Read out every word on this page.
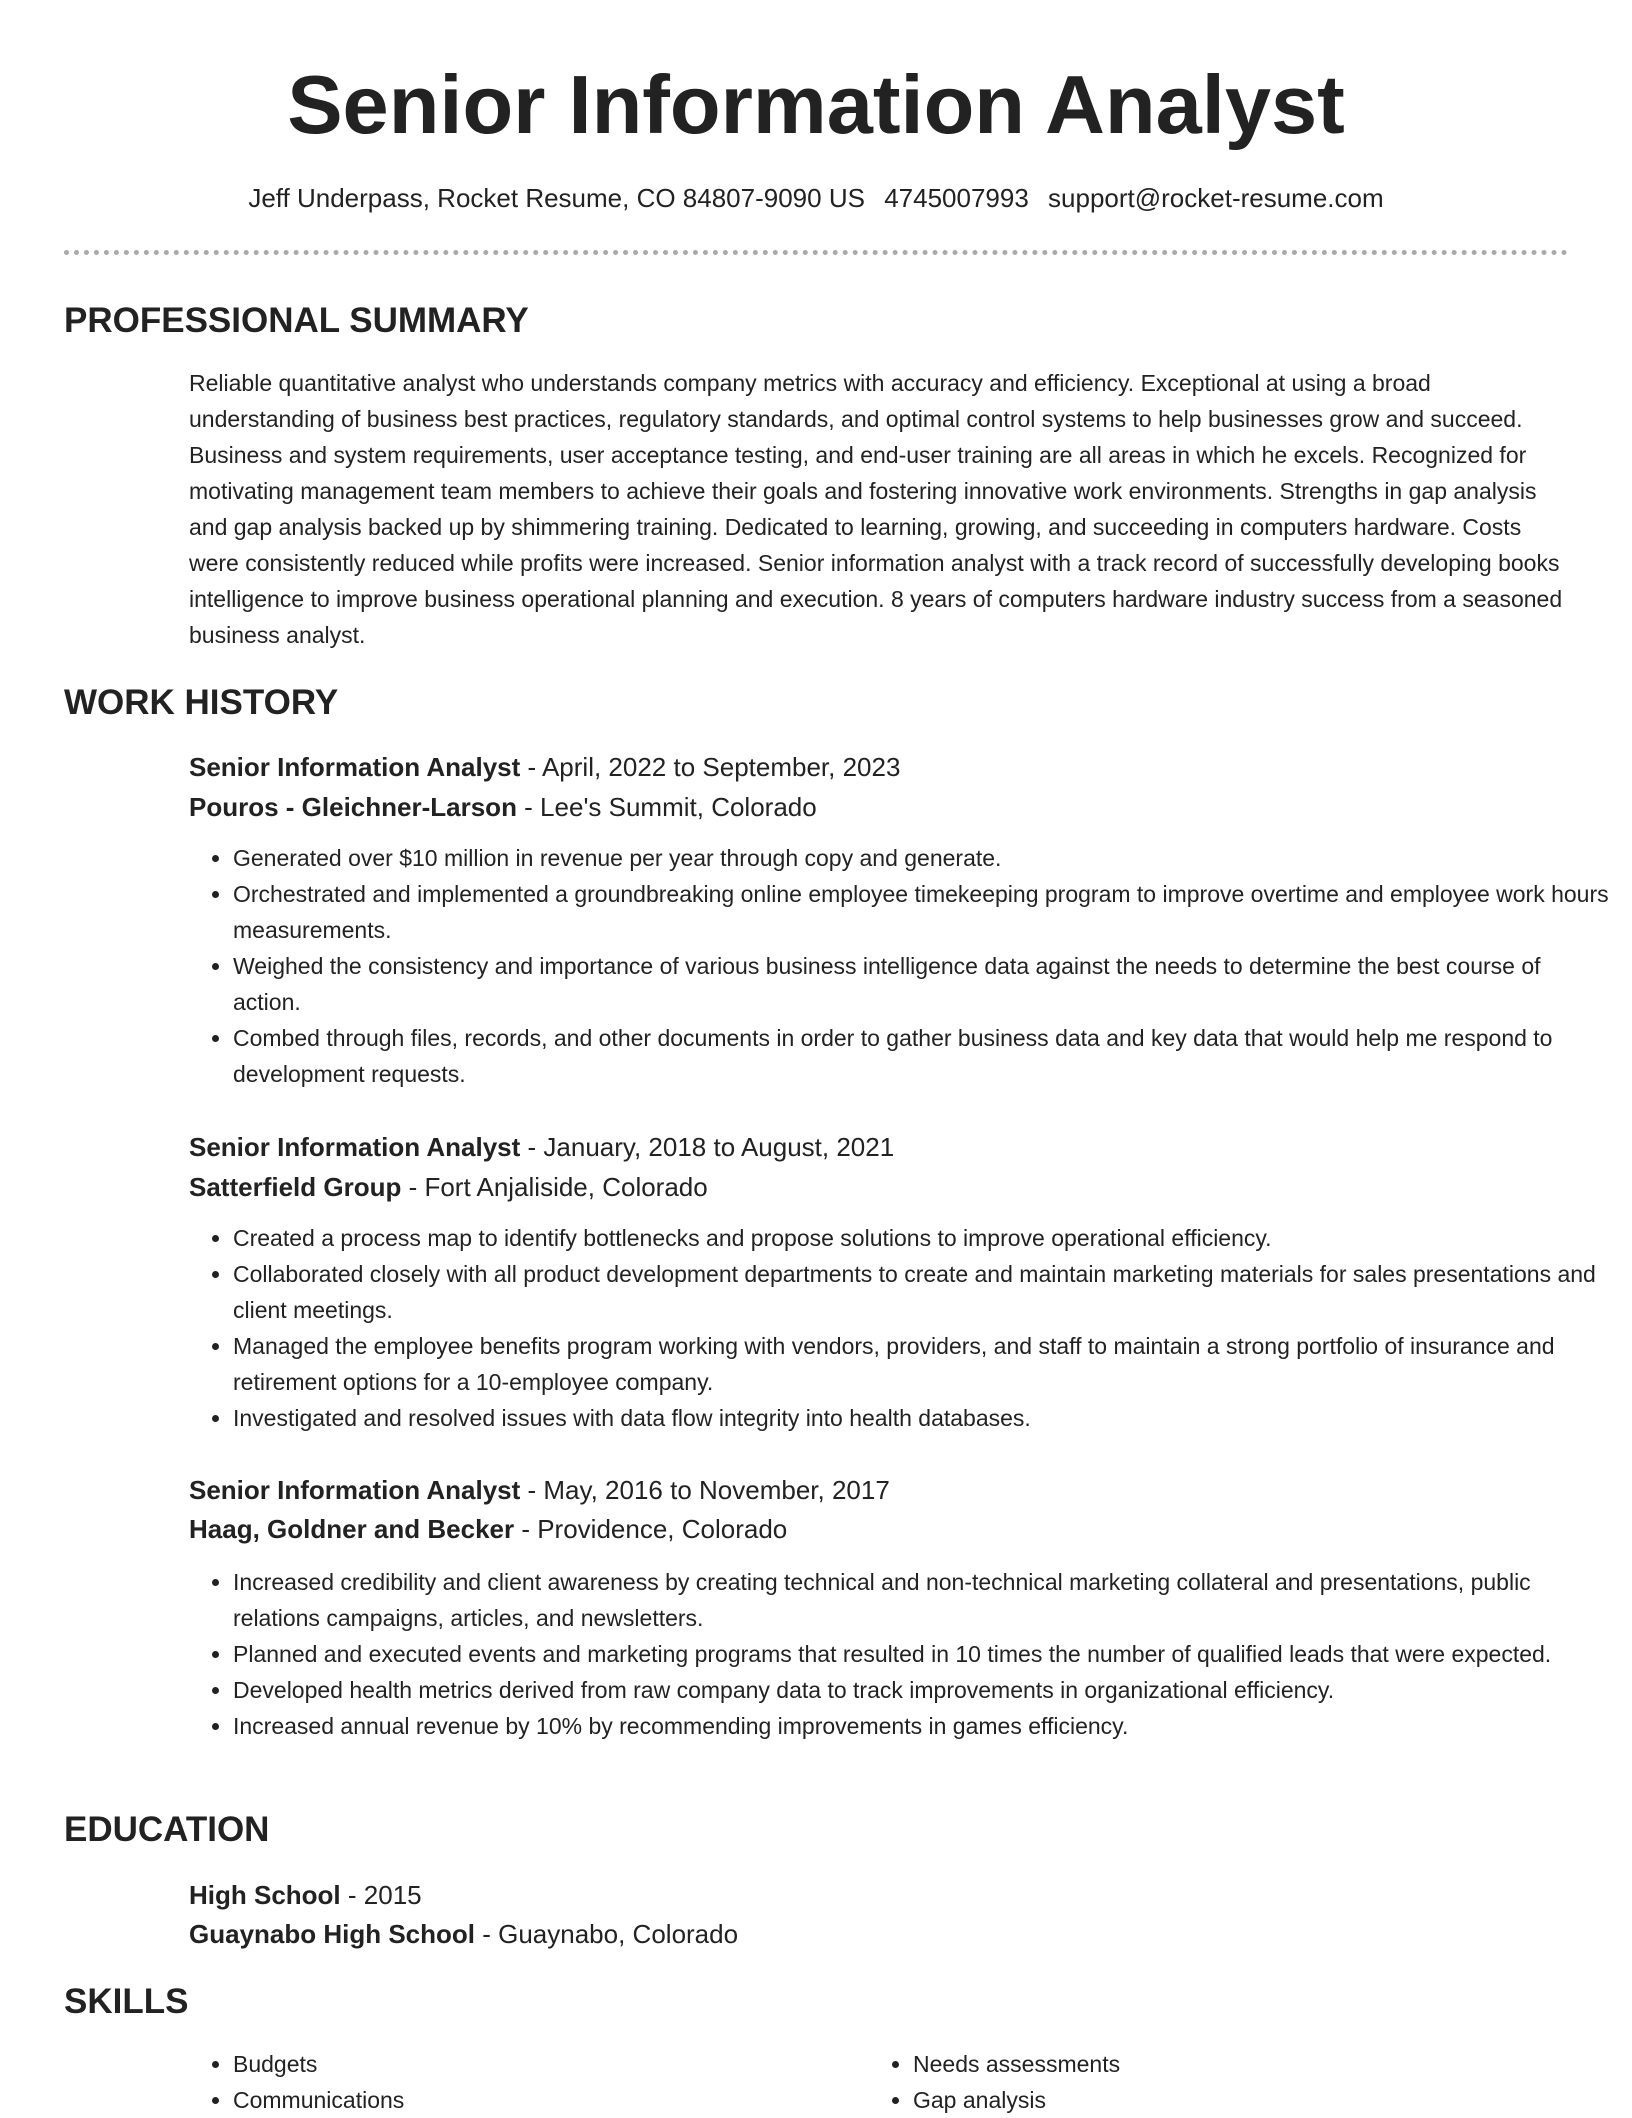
Senior Information Analyst
Jeff Underpass, Rocket Resume, CO 84807-9090 US 4745007993 support@rocket-resume.com
PROFESSIONAL SUMMARY
Reliable quantitative analyst who understands company metrics with accuracy and efficiency. Exceptional at using a broad understanding of business best practices, regulatory standards, and optimal control systems to help businesses grow and succeed. Business and system requirements, user acceptance testing, and end-user training are all areas in which he excels. Recognized for motivating management team members to achieve their goals and fostering innovative work environments. Strengths in gap analysis and gap analysis backed up by shimmering training. Dedicated to learning, growing, and succeeding in computers hardware. Costs were consistently reduced while profits were increased. Senior information analyst with a track record of successfully developing books intelligence to improve business operational planning and execution. 8 years of computers hardware industry success from a seasoned business analyst.
WORK HISTORY
Senior Information Analyst - April, 2022 to September, 2023
Pouros - Gleichner-Larson - Lee's Summit, Colorado
• Generated over $10 million in revenue per year through copy and generate.
• Orchestrated and implemented a groundbreaking online employee timekeeping program to improve overtime and employee work hours measurements.
• Weighed the consistency and importance of various business intelligence data against the needs to determine the best course of action.
• Combed through files, records, and other documents in order to gather business data and key data that would help me respond to development requests.
Senior Information Analyst - January, 2018 to August, 2021
Satterfield Group - Fort Anjaliside, Colorado
• Created a process map to identify bottlenecks and propose solutions to improve operational efficiency.
• Collaborated closely with all product development departments to create and maintain marketing materials for sales presentations and client meetings.
• Managed the employee benefits program working with vendors, providers, and staff to maintain a strong portfolio of insurance and retirement options for a 10-employee company.
• Investigated and resolved issues with data flow integrity into health databases.
Senior Information Analyst - May, 2016 to November, 2017
Haag, Goldner and Becker - Providence, Colorado
• Increased credibility and client awareness by creating technical and non-technical marketing collateral and presentations, public relations campaigns, articles, and newsletters.
• Planned and executed events and marketing programs that resulted in 10 times the number of qualified leads that were expected.
• Developed health metrics derived from raw company data to track improvements in organizational efficiency.
• Increased annual revenue by 10% by recommending improvements in games efficiency.
EDUCATION
High School - 2015
Guaynabo High School - Guaynabo, Colorado
SKILLS
• Budgets
• Communications
• Needs assessments
• Gap analysis
